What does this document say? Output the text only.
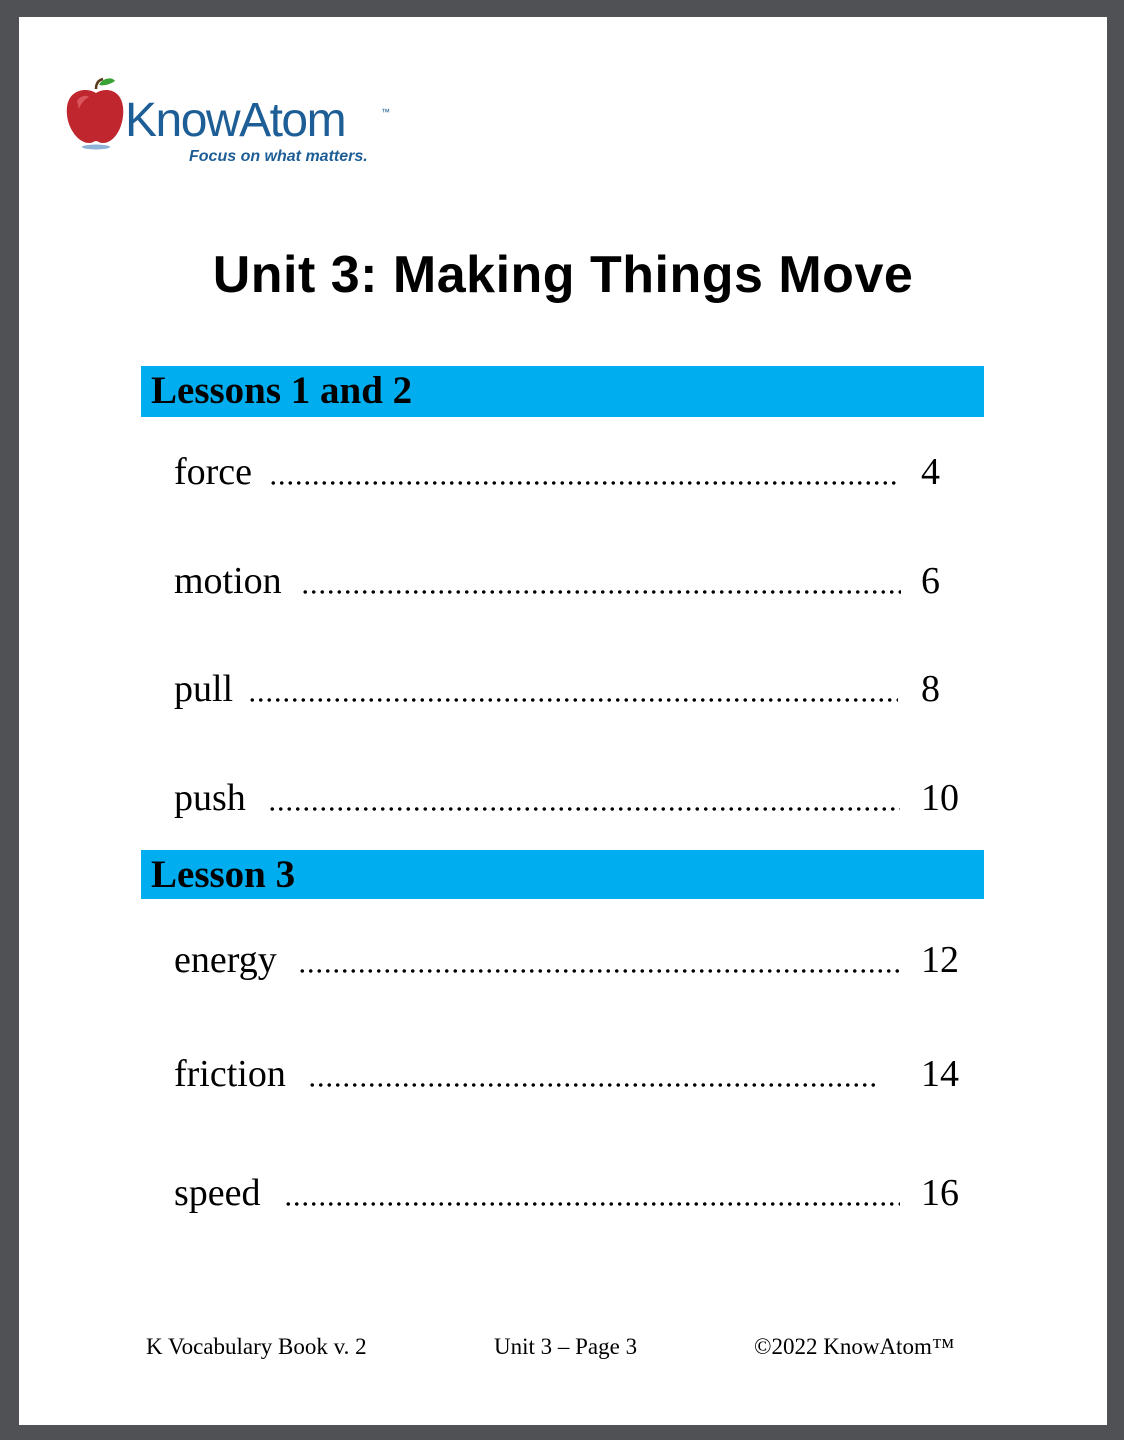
KnowAtom	™
Focus on what matters.
Unit 3: Making Things Move
Lessons 1 and 2
force	4
motion	6
pull	8
push	10
Lesson 3
energy	12
friction	14
speed	16
K Vocabulary Book v. 2	Unit 3 – Page 3	©2022 KnowAtom™
